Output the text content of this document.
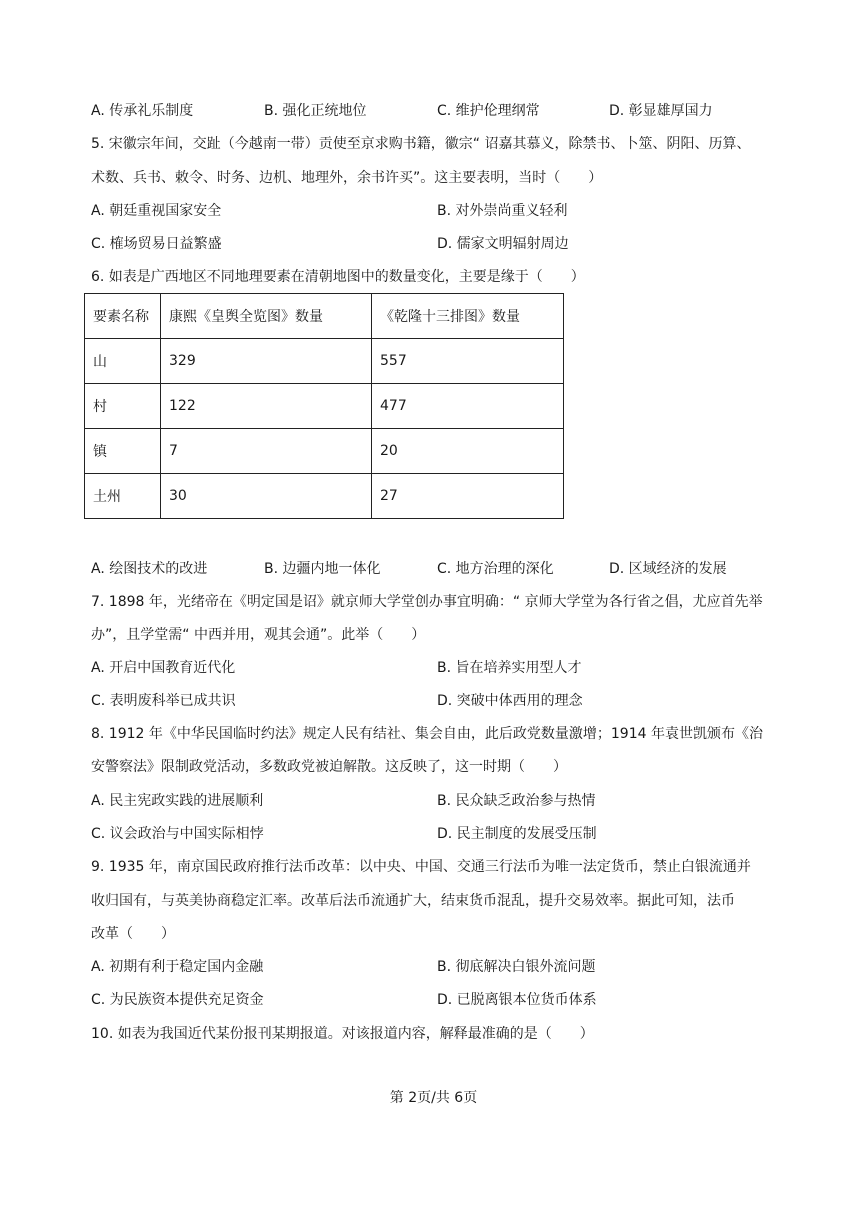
A. 传承礼乐制度	B. 强化正统地位	C. 维护伦理纲常	D. 彰显雄厚国力
5. 宋徽宗年间，交趾（今越南一带）贡使至京求购书籍，徽宗“ 诏嘉其慕义，除禁书、卜筮、阴阳、历算、
术数、兵书、敕令、时务、边机、地理外，余书许买”。这主要表明，当时（　　）
A. 朝廷重视国家安全	B. 对外崇尚重义轻利
C. 榷场贸易日益繁盛	D. 儒家文明辐射周边
6. 如表是广西地区不同地理要素在清朝地图中的数量变化，主要是缘于（　　）
要素名称	康熙《皇舆全览图》数量	《乾隆十三排图》数量
山	329	557
村	122	477
镇	7	20
土州	30	27
A. 绘图技术的改进	B. 边疆内地一体化	C. 地方治理的深化	D. 区域经济的发展
7. 1898 年，光绪帝在《明定国是诏》就京师大学堂创办事宜明确：“ 京师大学堂为各行省之倡，尤应首先举
办”，且学堂需“ 中西并用，观其会通”。此举（　　）
A. 开启中国教育近代化	B. 旨在培养实用型人才
C. 表明废科举已成共识	D. 突破中体西用的理念
8. 1912 年《中华民国临时约法》规定人民有结社、集会自由，此后政党数量激增；1914 年袁世凯颁布《治
安警察法》限制政党活动，多数政党被迫解散。这反映了，这一时期（　　）
A. 民主宪政实践的进展顺利	B. 民众缺乏政治参与热情
C. 议会政治与中国实际相悖	D. 民主制度的发展受压制
9. 1935 年，南京国民政府推行法币改革：以中央、中国、交通三行法币为唯一法定货币，禁止白银流通并
收归国有，与英美协商稳定汇率。改革后法币流通扩大，结束货币混乱，提升交易效率。据此可知，法币
改革（　　）
A. 初期有利于稳定国内金融	B. 彻底解决白银外流问题
C. 为民族资本提供充足资金	D. 已脱离银本位货币体系
10. 如表为我国近代某份报刊某期报道。对该报道内容，解释最准确的是（　　）
第 2页/共 6页
